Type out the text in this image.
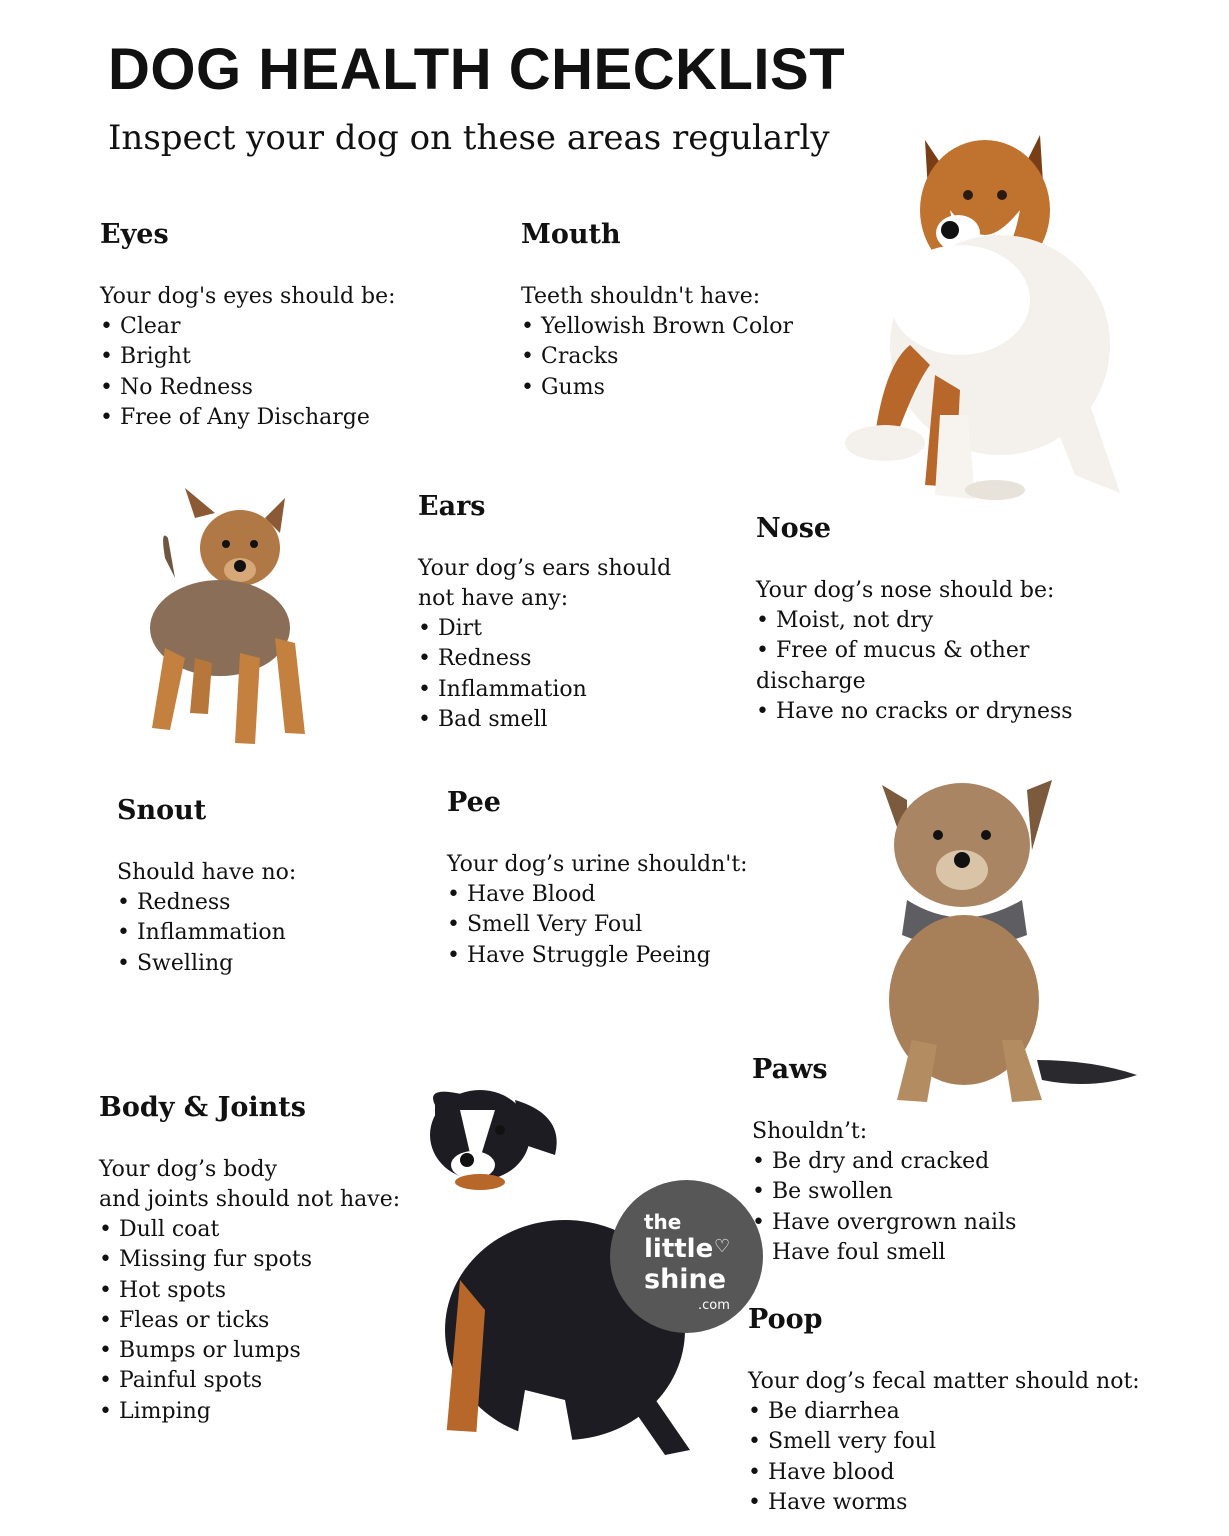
DOG HEALTH CHECKLIST

Inspect your dog on these areas regularly

Eyes

Your dog's eyes should be:

• Clear
• Bright
• No Redness
• Free of Any Discharge
Mouth

Teeth shouldn't have:

• Yellowish Brown Color
• Cracks
• Gums
Ears

Your dog’s ears should

not have any:

• Dirt
• Redness
• Inflammation
• Bad smell
Nose

Your dog’s nose should be:

• Moist, not dry
• Free of mucus & other

discharge

• Have no cracks or dryness
Snout

Should have no:

• Redness
• Inflammation
• Swelling
Pee

Your dog’s urine shouldn't:

• Have Blood
• Smell Very Foul
• Have Struggle Peeing
Paws

Shouldn’t:

• Be dry and cracked
• Be swollen
• Have overgrown nails
• Have foul smell
Body & Joints

Your dog’s body

and joints should not have:

• Dull coat
• Missing fur spots
• Hot spots
• Fleas or ticks
• Bumps or lumps
• Painful spots
• Limping
Poop

Your dog’s fecal matter should not:

• Be diarrhea
• Smell very foul
• Have blood
• Have worms
the
little ♡
shine
.com
